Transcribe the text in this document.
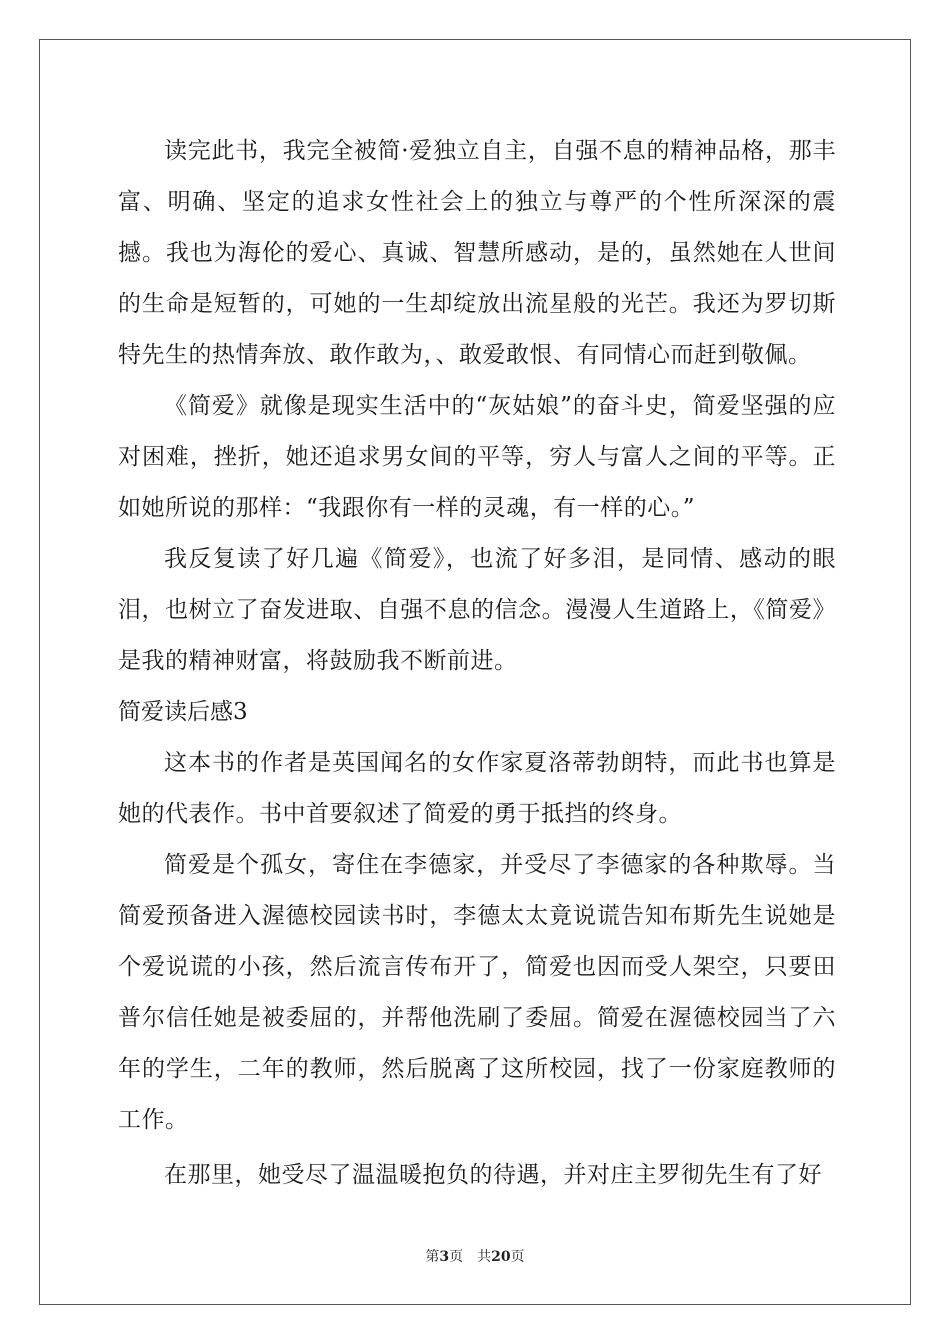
读完此书，我完全被简·爱独立自主，自强不息的精神品格，那丰富、明确、坚定的追求女性社会上的独立与尊严的个性所深深的震撼。我也为海伦的爱心、真诚、智慧所感动，是的，虽然她在人世间的生命是短暂的，可她的一生却绽放出流星般的光芒。我还为罗切斯特先生的热情奔放、敢作敢为，、敢爱敢恨、有同情心而赶到敬佩。

《简爱》就像是现实生活中的“灰姑娘”的奋斗史，简爱坚强的应对困难，挫折，她还追求男女间的平等，穷人与富人之间的平等。正如她所说的那样：“我跟你有一样的灵魂，有一样的心。”

我反复读了好几遍《简爱》，也流了好多泪，是同情、感动的眼泪，也树立了奋发进取、自强不息的信念。漫漫人生道路上，《简爱》是我的精神财富，将鼓励我不断前进。

简爱读后感3

这本书的作者是英国闻名的女作家夏洛蒂勃朗特，而此书也算是她的代表作。书中首要叙述了简爱的勇于抵挡的终身。

简爱是个孤女，寄住在李德家，并受尽了李德家的各种欺辱。当简爱预备进入渥德校园读书时，李德太太竟说谎告知布斯先生说她是个爱说谎的小孩，然后流言传布开了，简爱也因而受人架空，只要田普尔信任她是被委屈的，并帮他洗刷了委屈。简爱在渥德校园当了六年的学生，二年的教师，然后脱离了这所校园，找了一份家庭教师的工作。

在那里，她受尽了温温暖抱负的待遇，并对庄主罗彻先生有了好

第3页 共20页
